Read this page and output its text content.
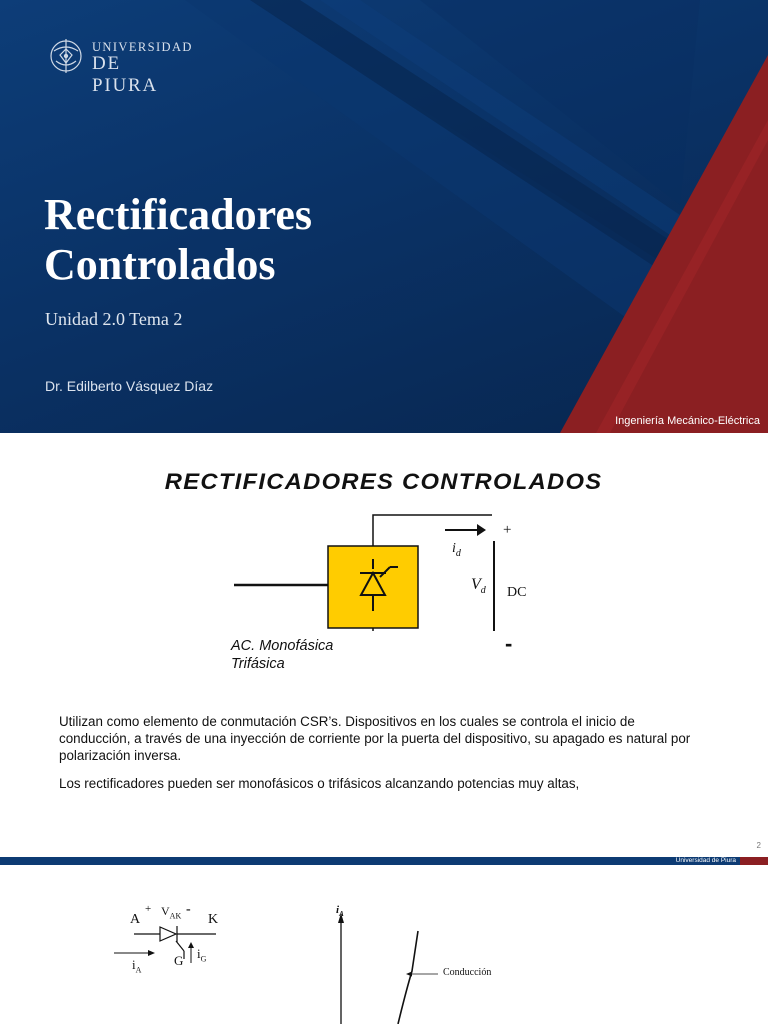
UNIVERSIDAD
DE PIURA
Rectificadores
Controlados
Unidad 2.0 Tema 2
Dr. Edilberto Vásquez Díaz
Ingeniería Mecánico-Eléctrica
RECTIFICADORES CONTROLADOS
+
$i_d$
$V_d$ DC
-
AC. Monofásica
Trifásica

Utilizan como elemento de conmutación CSR’s. Dispositivos en los cuales se controla el inicio de conducción, a través de una inyección de corriente por la puerta del dispositivo, su apagado es natural por polarización inversa.

Los rectificadores pueden ser monofásicos o trifásicos alcanzando potencias muy altas,

2
Universidad de Piura
A
+ $V_{AK}$ -
K
$i_A$
G $i_G$
$i_A$
Conducción
